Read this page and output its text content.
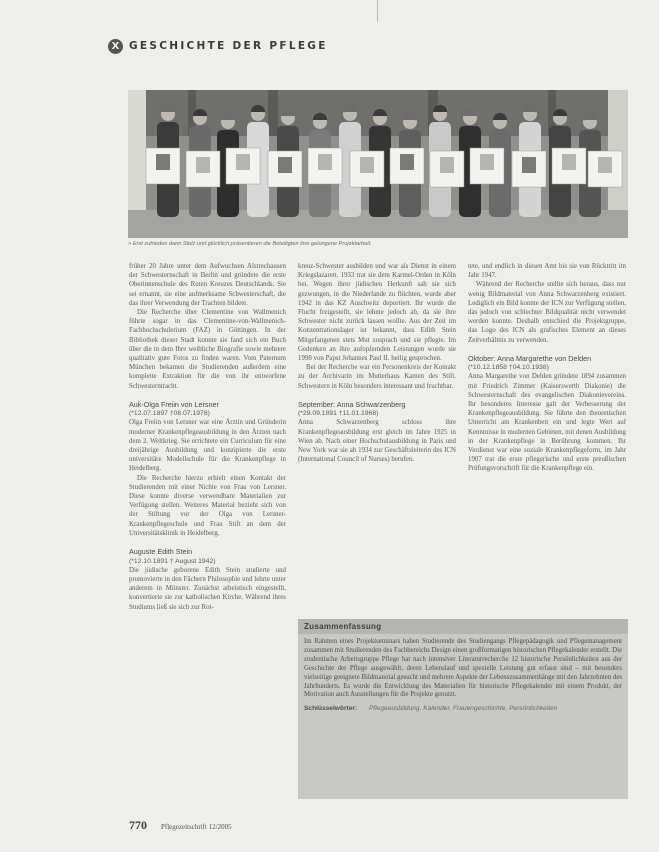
X GESCHICHTE DER PFLEGE
> Erst zufrieden dann Stolz und glücklich präsentieren die Beteiligten ihre gelungene Projektarbeit.

früher 20 Jahre unter dem Aufwuchsen Alstrechausen der Schwesternschaft in Berlin und gründete die erste Oberinnenschule des Roten Kreuzes Deutschlands. Sie sei ernannt, sie eine aufmerksame Schwesterschaft, die das ihrer Verwendung der Trachten bildete.

Die Recherche über Clementine von Wallmenich führte sogar in das Clementine-von-Wallmenich-Fachhochschulerium (FAZ) in Göttingen. In der Bibliothek dieser Stadt konnte sie fand sich ein Buch über die in dem Ihre weibliche Biografie sowie mehrere qualitativ gute Fotos zu finden waren. Vom Paternum München bekamen die Studierenden außerdem eine komplette Extraktion für die von ihr entworfene Schwesterntracht.

Auk-Olga Freiin von Lersner
(*12.07.1897 †08.07.1978)

Olga Freiin von Lersner war eine Ärztin und Gründerin moderner Krankenpflegeausbildung in den Ärzten nach dem 2. Weltkrieg. Sie errichtete ein Curriculum für eine dreijährige Ausbildung und konzipierte die erste universitäre Modellschule für die Krankenpflege in Heidelberg.

Die Recherche hierzu erhielt einen Kontakt der Studierenden mit einer Nichte von Frau von Lersner. Diese konnte diverse verwendbare Materialien zur Verfügung stellen. Weiteres Material bezieht sich von der Stiftung vor der Olga von Lersner-Krankenpflegeschule und Frau Stift an dem der Universitätsklinik in Heidelberg.

Auguste Edith Stein
(*12.10.1891 † August 1942)

Die jüdische geborene Edith Stein studierte und promovierte in den Fächern Philosophie und lehrte unter anderem in Münster. Zunächst atheistisch eingestellt, konvertierte sie zur katholischen Kirche. Während ihres Studiums ließ sie sich zur Rot-

kreuz-Schwester ausbilden und war als Dienst in einem Kriegslazarett. 1933 trat sie dem Karmel-Orden in Köln bei. Wegen ihrer jüdischen Herkunft sah sie sich gezwungen, in die Niederlande zu flüchten, wurde aber 1942 in das KZ Auschwitz deportiert. Ihr wurde die Flucht freigestellt, sie lehnte jedoch ab, da sie ihre Schwester nicht zurück lassen wollte. Aus der Zeit im Konzentrationslager ist bekannt, dass Edith Stein Mitgefangenen stets Mut zusprach und sie pflegte. Im Gedenken an ihre aufopfernden Leistungen wurde sie 1998 von Papst Johannes Paul II. heilig gesprochen.

Bei der Recherche war ein Personenkreis der Kontakt zu der Archivarin im Mutterhaus Kamen des Stift. Schwestern in Köln besonders interessant und fruchtbar.

September: Anna Schwarzenberg
(*29.09.1891 †11.01.1968)

Anna Schwarzenberg schloss ihre Krankenpflegeausbildung erst gleich im Jahre 1925 in Wien ab. Nach einer Hochschulausbildung in Paris und New York war sie ab 1934 zur Geschäftsleiterin des ICN (International Council of Nurses) berufen.

tete, und endlich in diesen Amt bis sie von Rücktritt im Jahr 1947.

Während der Recherche stellte sich heraus, dass nur wenig Bildmaterial von Anna Schwarzenberg existiert. Lediglich ein Bild konnte der ICN zur Verfügung stellen, das jedoch von schlechter Bildqualität nicht verwendet werden konnte. Deshalb entschied die Projektgruppe, das Logo des ICN als grafisches Element an dieses Zeitverhältnis zu verwenden.

Oktober: Anna Margarethe von Delden
(*10.12.1858 †04.10.1938)

Anna Margarethe von Delden gründete 1894 zusammen mit Friedrich Zimmer (Kaiserswerth Diakonie) die Schwesternschaft des evangelischen Diakonievereins. Ihr besonderes Interesse galt der Verbesserung der Krankenpflegeausbildung. Sie führte den theoretischen Unterricht am Krankenbett ein und legte Wert auf Kenntnisse in modernen Gebieten, mit denen Ausbildung in der Krankenpflege in Berührung kommen. Ihr Verdienst war eine soziale Krankenpflegeform, im Jahr 1907 trat die erste pflegerische und erste preußischen Prüfungsvorschrift für die Krankenpflege ein.

Zusammenfassung

Im Rahmen eines Projektseminars haben Studierende des Studiengangs Pflegepädagogik und Pflegemanagement zusammen mit Studierenden des Fachbereichs Design einen großformatigen historischen Pflegekalender erstellt. Die studentische Arbeitsgruppe Pflege hat nach intensiver Literaturrecherche 12 historische Persönlichkeiten aus der Geschichte der Pflege ausgewählt, deren Lebenslauf und spezielle Leistung gut erfasst sind – mit besonders vielseitige geeignete Bildmaterial gesucht und mehrere Aspekte der Lebenszusammenhänge mit den Jahrzehnten des Jahrhunderts. Es wurde die Entwicklung des Materialien für historische Pflegekalender mit einem Produkt, der Motivation auch Ausstellungen für die Projekte genutzt.

Schlüsselwörter: Pflegeausbildung, Kalender, Frauengeschichte, Persönlichkeiten
770 Pflegezeitschrift 12/2005
